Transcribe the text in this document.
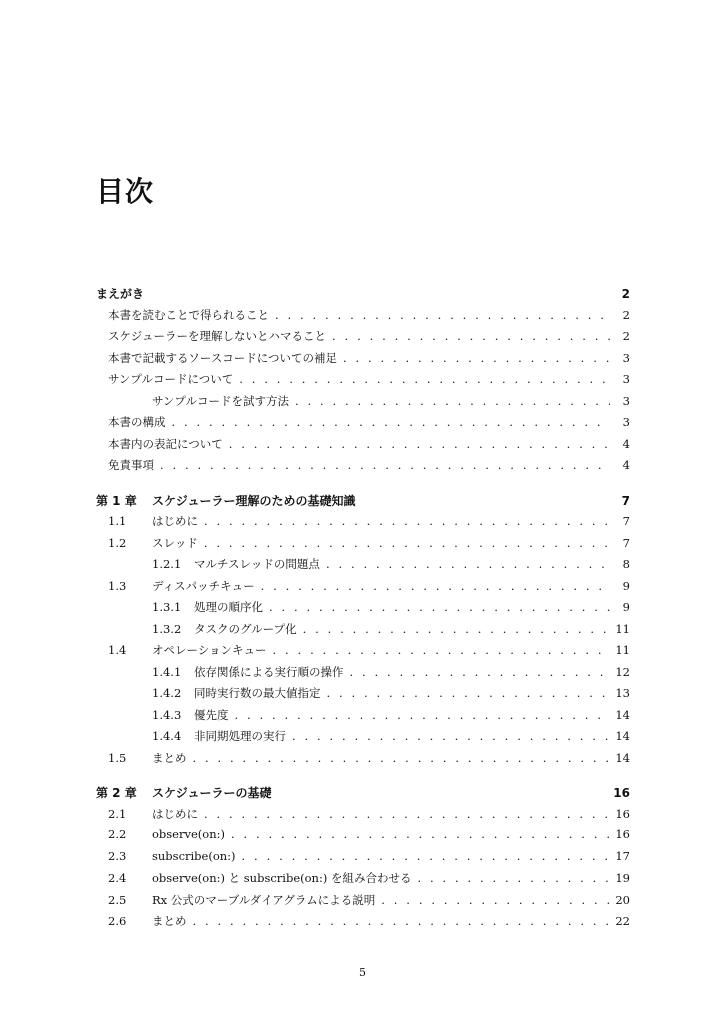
目次
まえがき	2
本書を読むことで得られること . . .	2
スケジューラーを理解しないとハマること . . .	2
本書で記載するソースコードについての補足 . . .	3
サンプルコードについて . . .	3
サンプルコードを試す方法 . . .	3
本書の構成 . . .	3
本書内の表記について . . .	4
免責事項 . . .	4
第 1 章	スケジューラー理解のための基礎知識	7
1.1	はじめに . . .	7
1.2	スレッド . . .	7
1.2.1	マルチスレッドの問題点 . . .	8
1.3	ディスパッチキュー . . .	9
1.3.1	処理の順序化 . . .	9
1.3.2	タスクのグループ化 . . .	11
1.4	オペレーションキュー . . .	11
1.4.1	依存関係による実行順の操作 . . .	12
1.4.2	同時実行数の最大値指定 . . .	13
1.4.3	優先度 . . .	14
1.4.4	非同期処理の実行 . . .	14
1.5	まとめ . . .	14
第 2 章	スケジューラーの基礎	16
2.1	はじめに . . .	16
2.2	observe(on:) . . .	16
2.3	subscribe(on:) . . .	17
2.4	observe(on:) と subscribe(on:) を組み合わせる . . .	19
2.5	Rx 公式のマーブルダイアグラムによる説明 . . .	20
2.6	まとめ . . .	22
5
